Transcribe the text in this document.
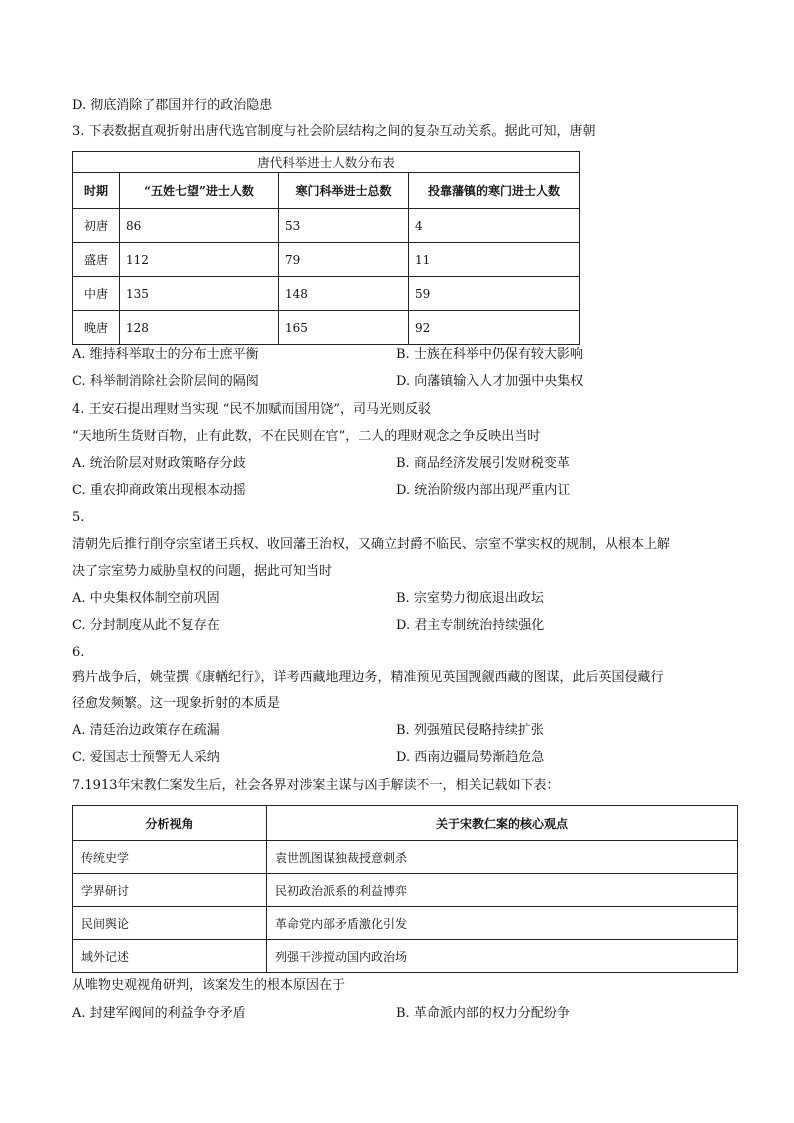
D. 彻底消除了郡国并行的政治隐患
3. 下表数据直观折射出唐代选官制度与社会阶层结构之间的复杂互动关系。据此可知，唐朝
唐代科举进士人数分布表			
时期	“五姓七望”进士人数	寒门科举进士总数	投靠藩镇的寒门进士人数
初唐	86	53	4
盛唐	112	79	11
中唐	135	148	59
晚唐	128	165	92
A. 维持科举取士的分布士庶平衡	B. 士族在科举中仍保有较大影响
C. 科举制消除社会阶层间的隔阂	D. 向藩镇输入人才加强中央集权
4. 王安石提出理财当实现 “民不加赋而国用饶”，司马光则反驳
“天地所生货财百物，止有此数，不在民则在官”，二人的理财观念之争反映出当时
A. 统治阶层对财政策略存分歧	B. 商品经济发展引发财税变革
C. 重农抑商政策出现根本动摇	D. 统治阶级内部出现严重内讧
5.
清朝先后推行削夺宗室诸王兵权、收回藩王治权，又确立封爵不临民、宗室不掌实权的规制，从根本上解
决了宗室势力威胁皇权的问题，据此可知当时
A. 中央集权体制空前巩固	B. 宗室势力彻底退出政坛
C. 分封制度从此不复存在	D. 君主专制统治持续强化
6.
鸦片战争后，姚莹撰《康輶纪行》，详考西藏地理边务，精准预见英国觊觎西藏的图谋，此后英国侵藏行
径愈发频繁。这一现象折射的本质是
A. 清廷治边政策存在疏漏	B. 列强殖民侵略持续扩张
C. 爱国志士预警无人采纳	D. 西南边疆局势渐趋危急
7.1913年宋教仁案发生后，社会各界对涉案主谋与凶手解读不一，相关记载如下表：
分析视角	关于宋教仁案的核心观点
传统史学	袁世凯图谋独裁授意刺杀
学界研讨	民初政治派系的利益博弈
民间舆论	革命党内部矛盾激化引发
域外记述	列强干涉搅动国内政治场
从唯物史观视角研判，该案发生的根本原因在于
A. 封建军阀间的利益争夺矛盾	B. 革命派内部的权力分配纷争
